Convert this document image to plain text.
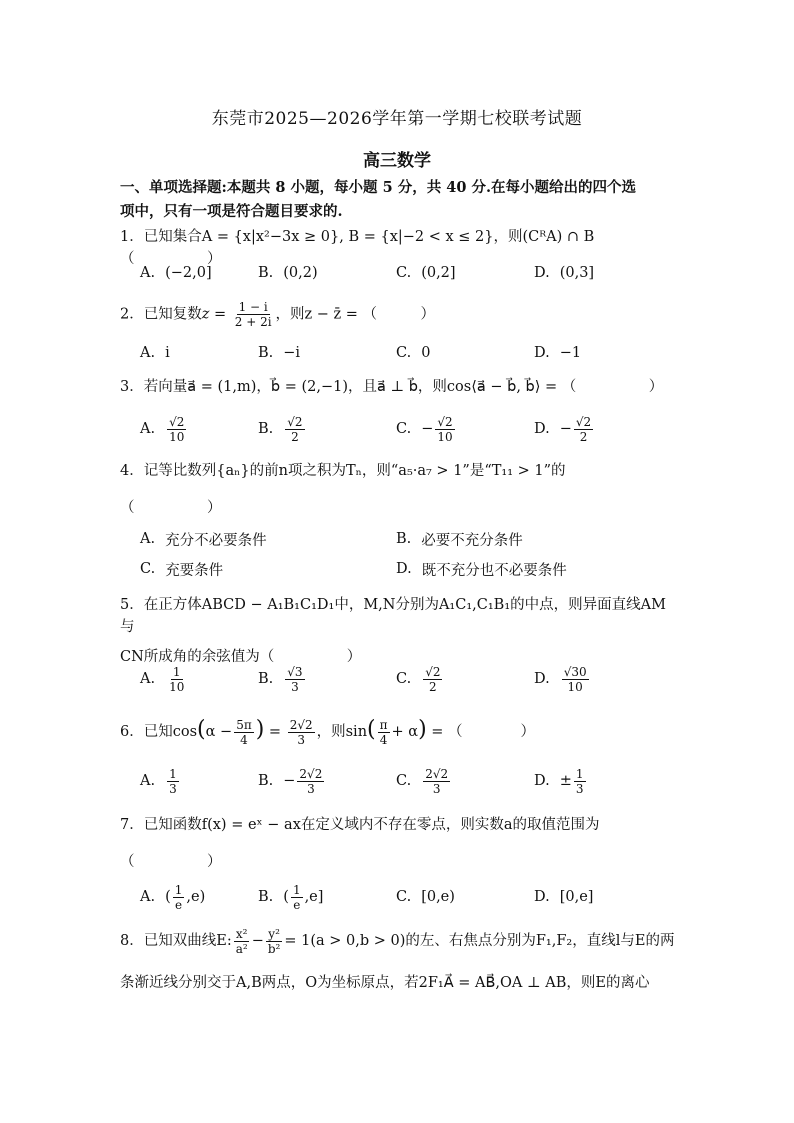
东莞市2025—2026学年第一学期七校联考试题
高三数学
一、单项选择题:本题共 8 小题，每小题 5 分，共 40 分.在每小题给出的四个选
项中，只有一项是符合题目要求的.
1．已知集合A = {x|x²−3x ≥ 0}, B = {x|−2 < x ≤ 2}，则(CᴿA) ∩ B（　　　　　）
A. (−2,0]	B. (0,2)	C. (0,2]	D. (0,3]
2．已知复数$z = \frac{1 - i}{2 + 2i}$ ，则z − z̄ = （　　　）
A. i	B. −i	C. 0	D. −1
3．若向量a⃗ = (1,m)，b⃗ = (2,−1)，且a⃗ ⊥ b⃗，则cos⟨a⃗ − b⃗, b⃗⟩ = （　　　　　）
A. $\frac{√2}{10}$	B. $\frac{√2}{2}$	C. − $\frac{√2}{10}$	D. − $\frac{√2}{2}$
4．记等比数列{aₙ}的前n项之积为Tₙ，则“a₅·a₇ > 1”是“T₁₁ > 1”的
（　　　　　）
A. 充分不必要条件	B. 必要不充分条件
C. 充要条件	D. 既不充分也不必要条件
5．在正方体ABCD − A₁B₁C₁D₁中，M,N分别为A₁C₁,C₁B₁的中点，则异面直线AM与
CN所成角的余弦值为（　　　　　）
A. $\frac{1}{10}$	B. $\frac{√3}{3}$	C. $\frac{√2}{2}$	D. $\frac{√30}{10}$
6．已知$\cos(\alpha - \frac{5\pi}{4}$ ) = $\frac{2√2}{3}$ ，则$\sin( \frac{\pi}{4} + \alpha)$ = （　　　　）
A. $\frac{1}{3}$	B. − $\frac{2√2}{3}$	C. $\frac{2√2}{3}$	D. ± $\frac{1}{3}$
7．已知函数f(x) = eˣ − ax在定义域内不存在零点，则实数a的取值范围为
（　　　　　）
A. ( $\frac{1}{e} ,e$)	B. ( $\frac{1}{e} ,e$]	C. [0,e)	D. [0,e]
8．已知双曲线E: $\frac{\text{x²}}{\text{a²}} - \frac{\text{y²}}{\text{b²}} = 1(a > 0,b > 0)$的左、右焦点分别为F₁,F₂，直线l与E的两
条渐近线分别交于A,B两点，O为坐标原点，若2F₁A⃗ = AB⃗,OA ⊥ AB，则E的离心
